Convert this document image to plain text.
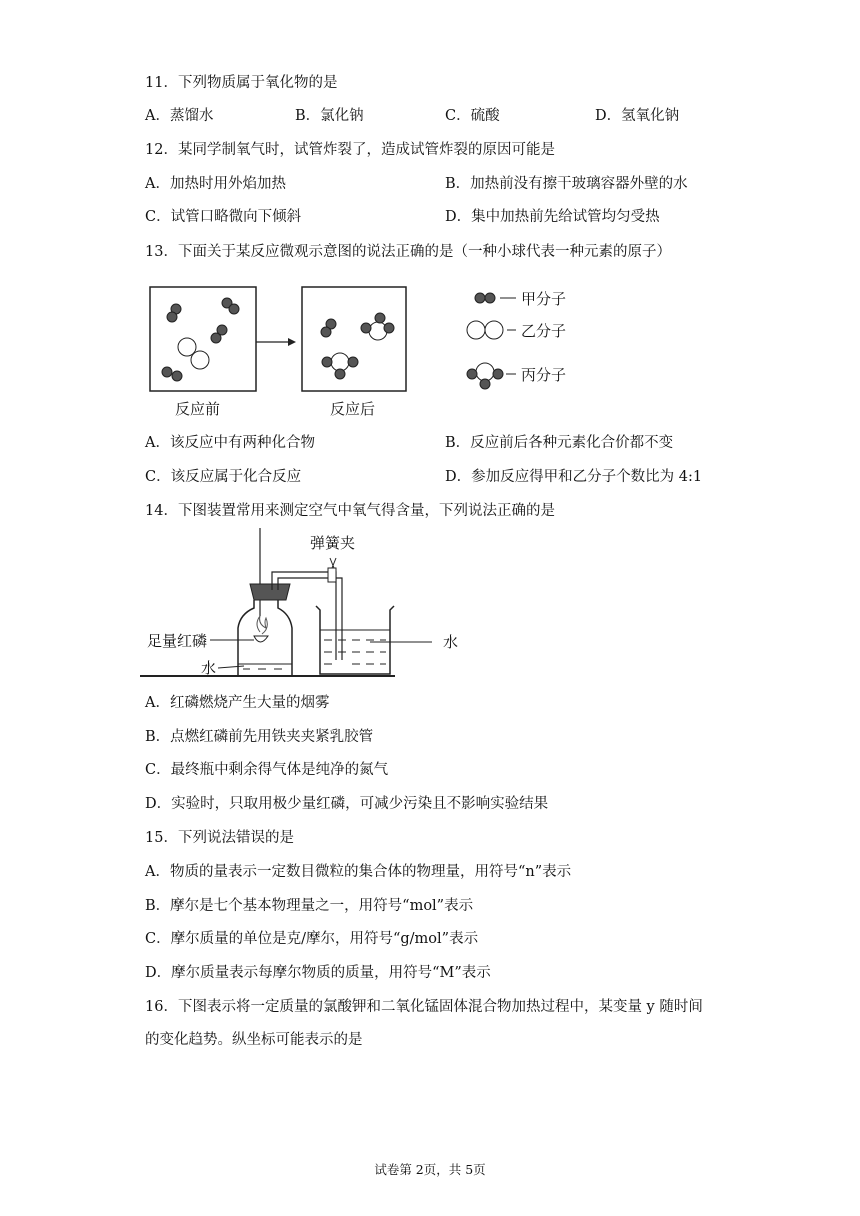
11．下列物质属于氧化物的是
A．蒸馏水	B．氯化钠	C．硫酸	D．氢氧化钠
12．某同学制氧气时，试管炸裂了，造成试管炸裂的原因可能是
A．加热时用外焰加热	B．加热前没有擦干玻璃容器外壁的水
C．试管口略微向下倾斜	D．集中加热前先给试管均匀受热
13．下面关于某反应微观示意图的说法正确的是（一种小球代表一种元素的原子）
甲分子
乙分子
丙分子
反应前	反应后
A．该反应中有两种化合物	B．反应前后各种元素化合价都不变
C．该反应属于化合反应	D．参加反应得甲和乙分子个数比为 4:1
14．下图装置常用来测定空气中氧气得含量，下列说法正确的是
弹簧夹
足量红磷
水
水
A．红磷燃烧产生大量的烟雾
B．点燃红磷前先用铁夹夹紧乳胶管
C．最终瓶中剩余得气体是纯净的氮气
D．实验时，只取用极少量红磷，可减少污染且不影响实验结果
15．下列说法错误的是
A．物质的量表示一定数目微粒的集合体的物理量，用符号“n”表示
B．摩尔是七个基本物理量之一，用符号“mol”表示
C．摩尔质量的单位是克/摩尔，用符号“g/mol”表示
D．摩尔质量表示每摩尔物质的质量，用符号“M”表示
16．下图表示将一定质量的氯酸钾和二氧化锰固体混合物加热过程中，某变量 y 随时间
的变化趋势。纵坐标可能表示的是
试卷第 2页，共 5页
